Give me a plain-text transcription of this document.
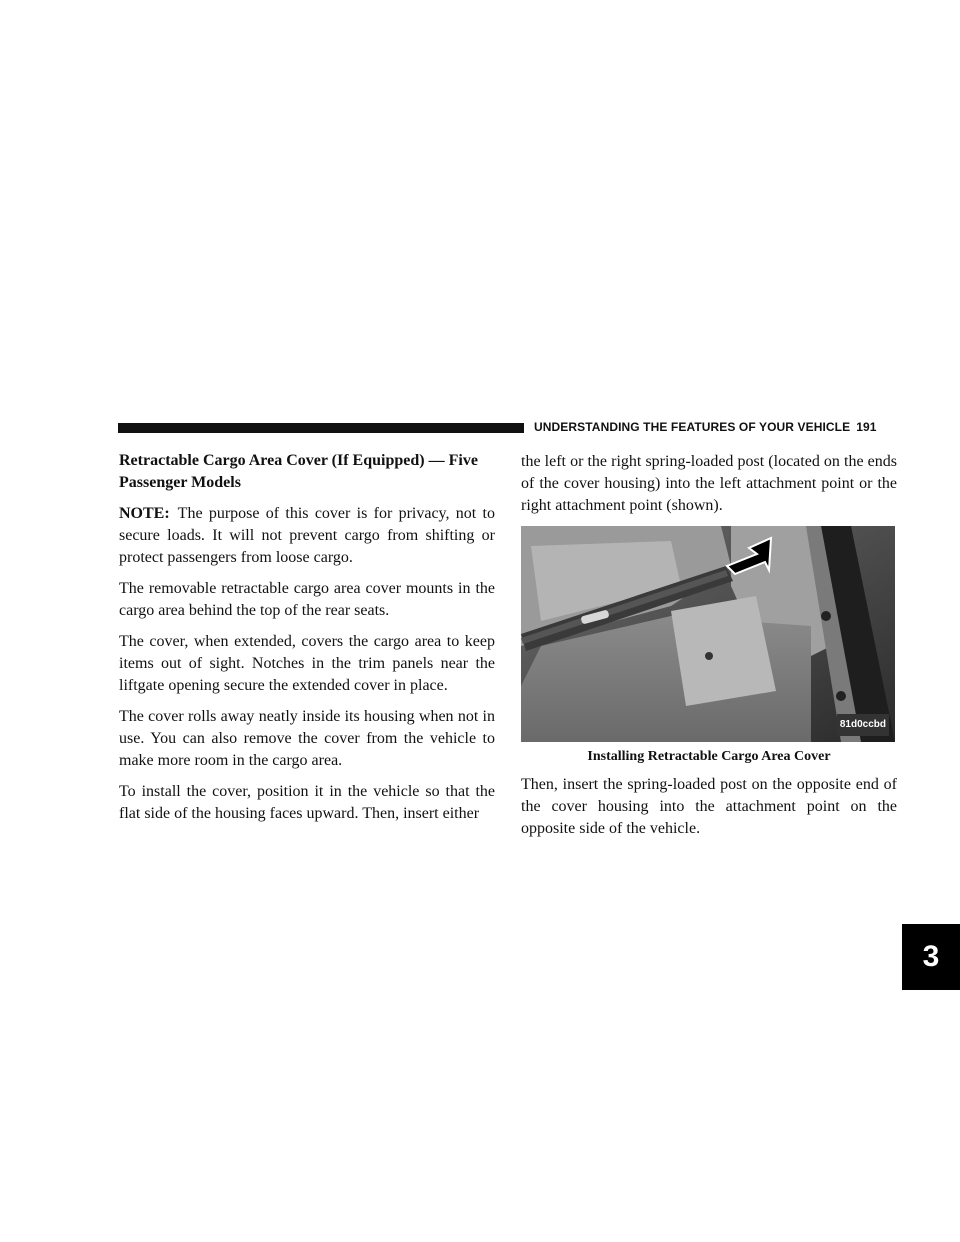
UNDERSTANDING THE FEATURES OF YOUR VEHICLE 191
3
Retractable Cargo Area Cover (If Equipped) — Five Passenger Models

NOTE: The purpose of this cover is for privacy, not to secure loads. It will not prevent cargo from shifting or protect passengers from loose cargo.

The removable retractable cargo area cover mounts in the cargo area behind the top of the rear seats.

The cover, when extended, covers the cargo area to keep items out of sight. Notches in the trim panels near the liftgate opening secure the extended cover in place.

The cover rolls away neatly inside its housing when not in use. You can also remove the cover from the vehicle to make more room in the cargo area.

To install the cover, position it in the vehicle so that the flat side of the housing faces upward. Then, insert either

the left or the right spring-loaded post (located on the ends of the cover housing) into the left attachment point or the right attachment point (shown).

81d0ccbd
Installing Retractable Cargo Area Cover

Then, insert the spring-loaded post on the opposite end of the cover housing into the attachment point on the opposite side of the vehicle.
